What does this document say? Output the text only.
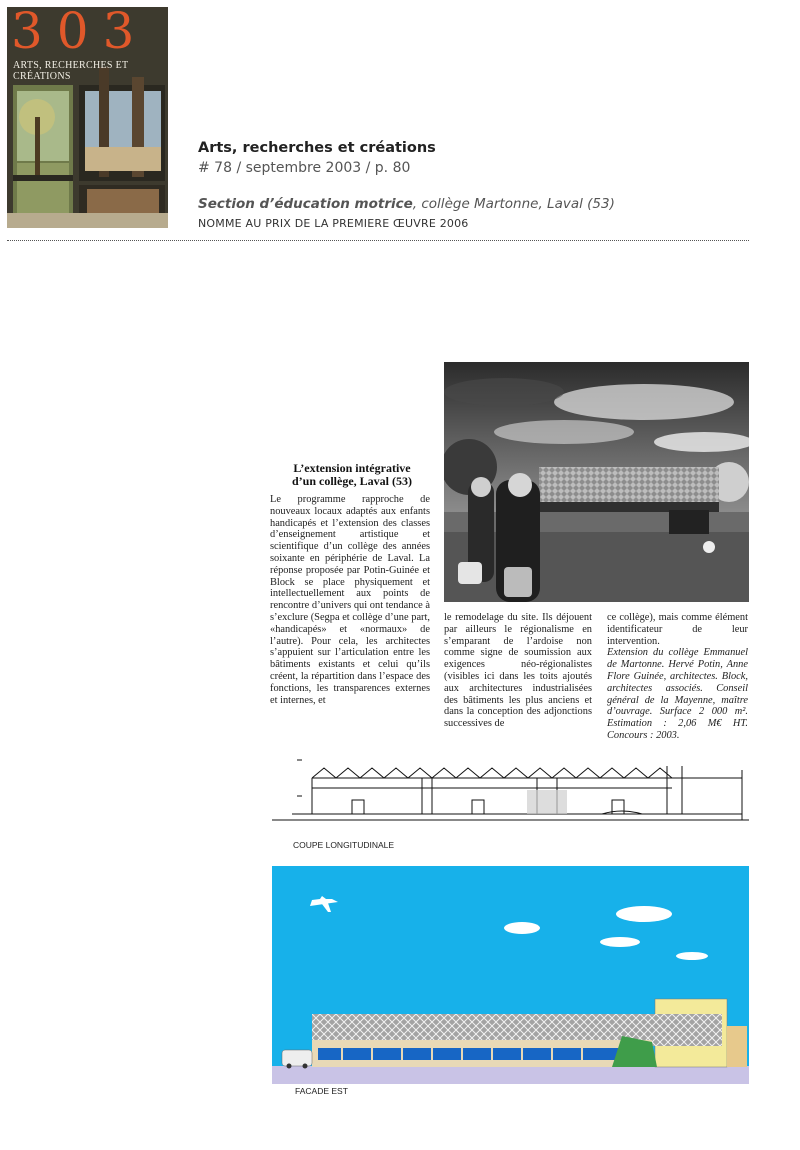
303
ARTS, RECHERCHES ET CRÉATIONS
Arts, recherches et créations
# 78 / septembre 2003 / p. 80
Section d’éducation motrice, collège Martonne, Laval (53)
NOMME AU PRIX DE LA PREMIERE ŒUVRE 2006
L’extension intégrative
d’un collège, Laval (53)
Le programme rapproche de nouveaux locaux adaptés aux enfants handicapés et l’extension des classes d’enseignement artistique et scientifique d’un collège des années soixante en périphérie de Laval. La réponse proposée par Potin-Guinée et Block se place physiquement et intellectuellement aux points de rencontre d’univers qui ont tendance à s’exclure (Segpa et collège d’une part, «handicapés» et «normaux» de l’autre). Pour cela, les architectes s’appuient sur l’articulation entre les bâtiments existants et celui qu’ils créent, la répartition dans l’espace des fonctions, les transparences externes et internes, et
le remodelage du site. Ils déjouent par ailleurs le régionalisme en s’emparant de l’ardoise non comme signe de soumission aux exigences néo-régionalistes (visibles ici dans les toits ajoutés aux architectures industrialisées des bâtiments les plus anciens et dans la conception des adjonctions successives de
ce collège), mais comme élément identificateur de leur intervention.
Extension du collège Emmanuel de Martonne. Hervé Potin, Anne Flore Guinée, architectes. Block, architectes associés. Conseil général de la Mayenne, maître d’ouvrage. Surface 2 000 m². Estimation : 2,06 M€ HT. Concours : 2003.
COUPE LONGITUDINALE
FACADE EST
